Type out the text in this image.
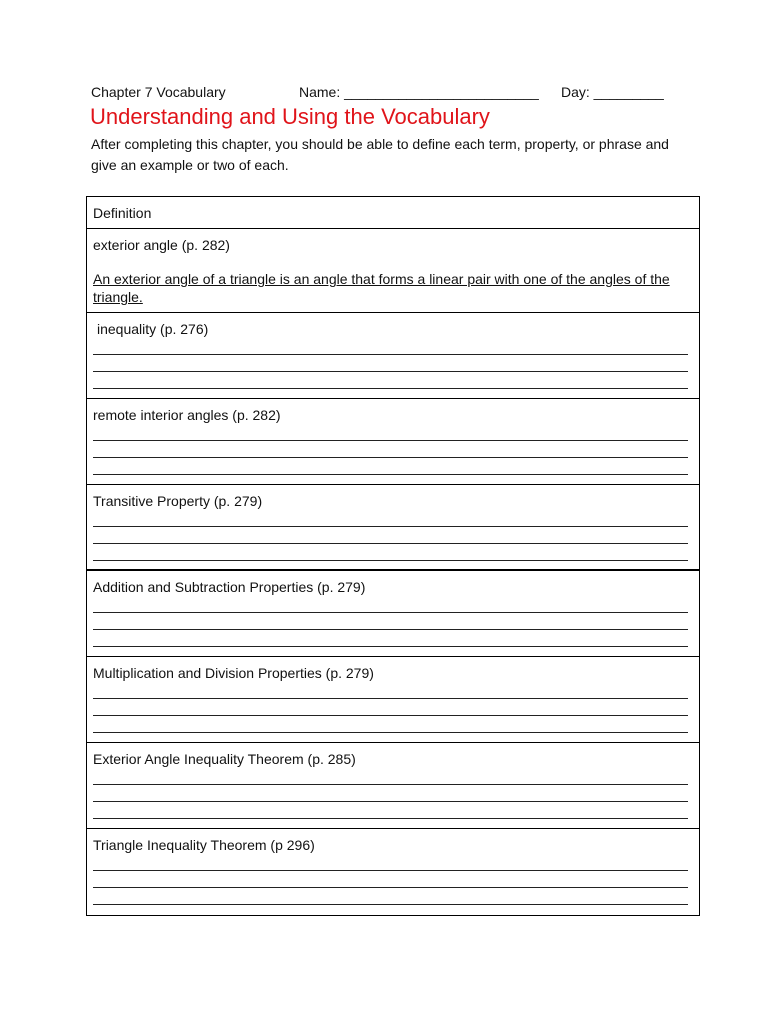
Chapter 7 Vocabulary	Name: _________________________ Day: _________
Understanding and Using the Vocabulary
After completing this chapter, you should be able to define each term, property, or phrase and give an example or two of each.
Definition
exterior angle (p. 282)
An exterior angle of a triangle is an angle that forms a linear pair with one of the angles of the triangle.
inequality (p. 276)
remote interior angles (p. 282)
Transitive Property (p. 279)
Addition and Subtraction Properties (p. 279)
Multiplication and Division Properties (p. 279)
Exterior Angle Inequality Theorem (p. 285)
Triangle Inequality Theorem (p 296)
